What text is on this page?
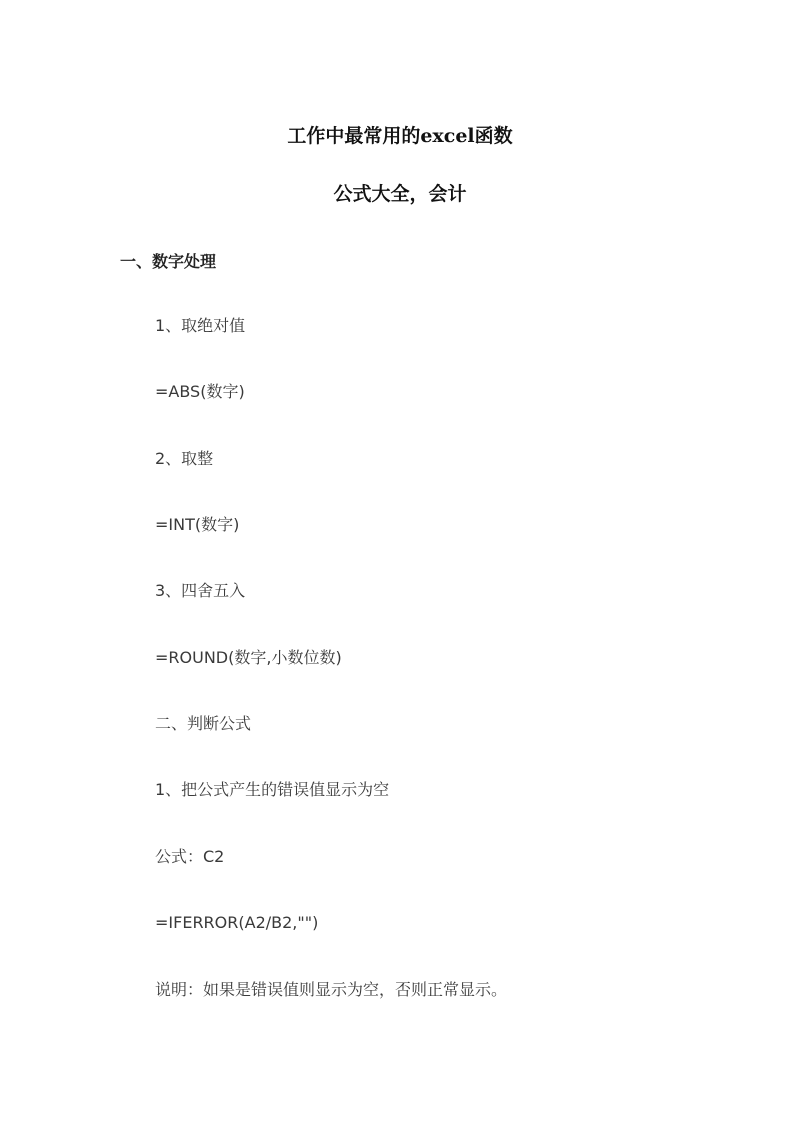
工作中最常用的excel函数
公式大全，会计
一、数字处理
1、取绝对值
=ABS(数字)
2、取整
=INT(数字)
3、四舍五入
=ROUND(数字,小数位数)
二、判断公式
1、把公式产生的错误值显示为空
公式：C2
=IFERROR(A2/B2,"")
说明：如果是错误值则显示为空，否则正常显示。
